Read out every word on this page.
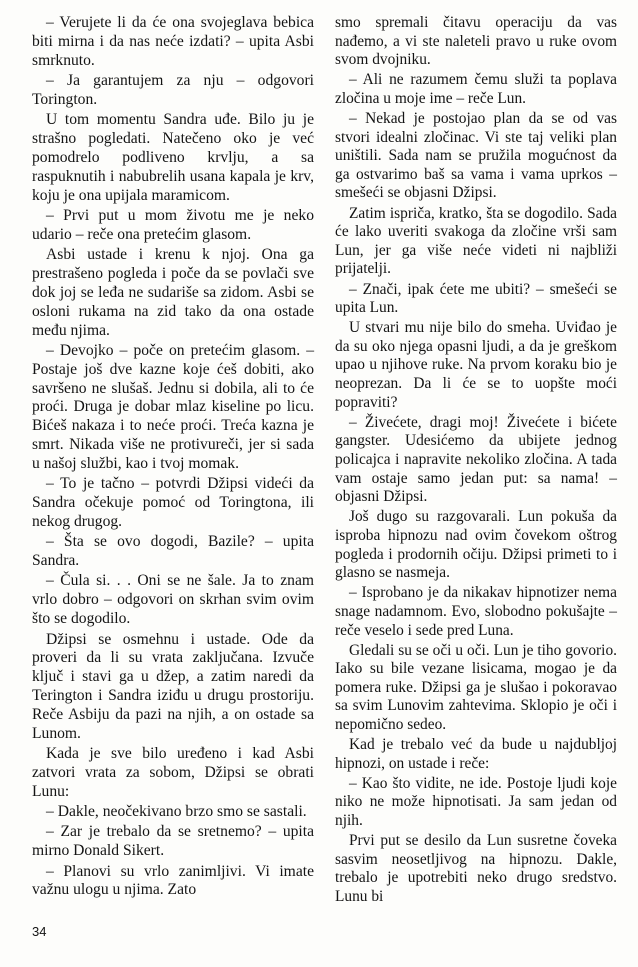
– Verujete li da će ona svojeglava bebica biti mirna i da nas neće izdati? – upita Asbi smrknuto.

– Ja garantujem za nju – odgovori Torington.

U tom momentu Sandra uđe. Bilo ju je strašno pogledati. Natečeno oko je već pomodrelo podliveno krvlju, a sa raspuknutih i nabubrelih usana kapala je krv, koju je ona upijala maramicom.

– Prvi put u mom životu me je neko udario – reče ona pretećim glasom.

Asbi ustade i krenu k njoj. Ona ga prestrašeno pogleda i poče da se povlači sve dok joj se leđa ne sudariše sa zidom. Asbi se osloni rukama na zid tako da ona ostade među njima.

– Devojko – poče on pretećim glasom. – Postaje još dve kazne koje ćeš dobiti, ako savršeno ne slušaš. Jednu si dobila, ali to će proći. Druga je dobar mlaz kiseline po licu. Bićeš nakaza i to neće proći. Treća kazna je smrt. Nikada više ne protivureči, jer si sada u našoj službi, kao i tvoj momak.

– To je tačno – potvrdi Džipsi videći da Sandra očekuje pomoć od Toringtona, ili nekog drugog.

– Šta se ovo dogodi, Bazile? – upita Sandra.

– Čula si. . . Oni se ne šale. Ja to znam vrlo dobro – odgovori on skrhan svim ovim što se dogodilo.

Džipsi se osmehnu i ustade. Ode da proveri da li su vrata zaključana. Izvuče ključ i stavi ga u džep, a zatim naredi da Terington i Sandra iziđu u drugu prostoriju. Reče Asbiju da pazi na njih, a on ostade sa Lunom.

Kada je sve bilo uređeno i kad Asbi zatvori vrata za sobom, Džipsi se obrati Lunu:

– Dakle, neočekivano brzo smo se sastali.

– Zar je trebalo da se sretnemo? – upita mirno Donald Sikert.

– Planovi su vrlo zanimljivi. Vi imate važnu ulogu u njima. Zato

smo spremali čitavu operaciju da vas nađemo, a vi ste naleteli pravo u ruke ovom svom dvojniku.

– Ali ne razumem čemu služi ta poplava zločina u moje ime – reče Lun.

– Nekad je postojao plan da se od vas stvori idealni zločinac. Vi ste taj veliki plan uništili. Sada nam se pružila mogućnost da ga ostvarimo baš sa vama i vama uprkos – smešeći se objasni Džipsi.

Zatim ispriča, kratko, šta se dogodilo. Sada će lako uveriti svakoga da zločine vrši sam Lun, jer ga više neće videti ni najbliži prijatelji.

– Znači, ipak ćete me ubiti? – smešeći se upita Lun.

U stvari mu nije bilo do smeha. Uviđao je da su oko njega opasni ljudi, a da je greškom upao u njihove ruke. Na prvom koraku bio je neoprezan. Da li će se to uopšte moći popraviti?

– Živećete, dragi moj! Živećete i bićete gangster. Udesićemo da ubijete jednog policajca i napravite nekoliko zločina. A tada vam ostaje samo jedan put: sa nama! – objasni Džipsi.

Još dugo su razgovarali. Lun pokuša da isproba hipnozu nad ovim čovekom oštrog pogleda i prodornih očiju. Džipsi primeti to i glasno se nasmeja.

– Isprobano je da nikakav hipnotizer nema snage nadamnom. Evo, slobodno pokušajte – reče veselo i sede pred Luna.

Gledali su se oči u oči. Lun je tiho govorio. Iako su bile vezane lisicama, mogao je da pomera ruke. Džipsi ga je slušao i pokoravao sa svim Lunovim zahtevima. Sklopio je oči i nepomično sedeo.

Kad je trebalo već da bude u najdubljoj hipnozi, on ustade i reče:

– Kao što vidite, ne ide. Postoje ljudi koje niko ne može hipnotisati. Ja sam jedan od njih.

Prvi put se desilo da Lun susretne čoveka sasvim neosetljivog na hipnozu. Dakle, trebalo je upotrebiti neko drugo sredstvo. Lunu bi

34
